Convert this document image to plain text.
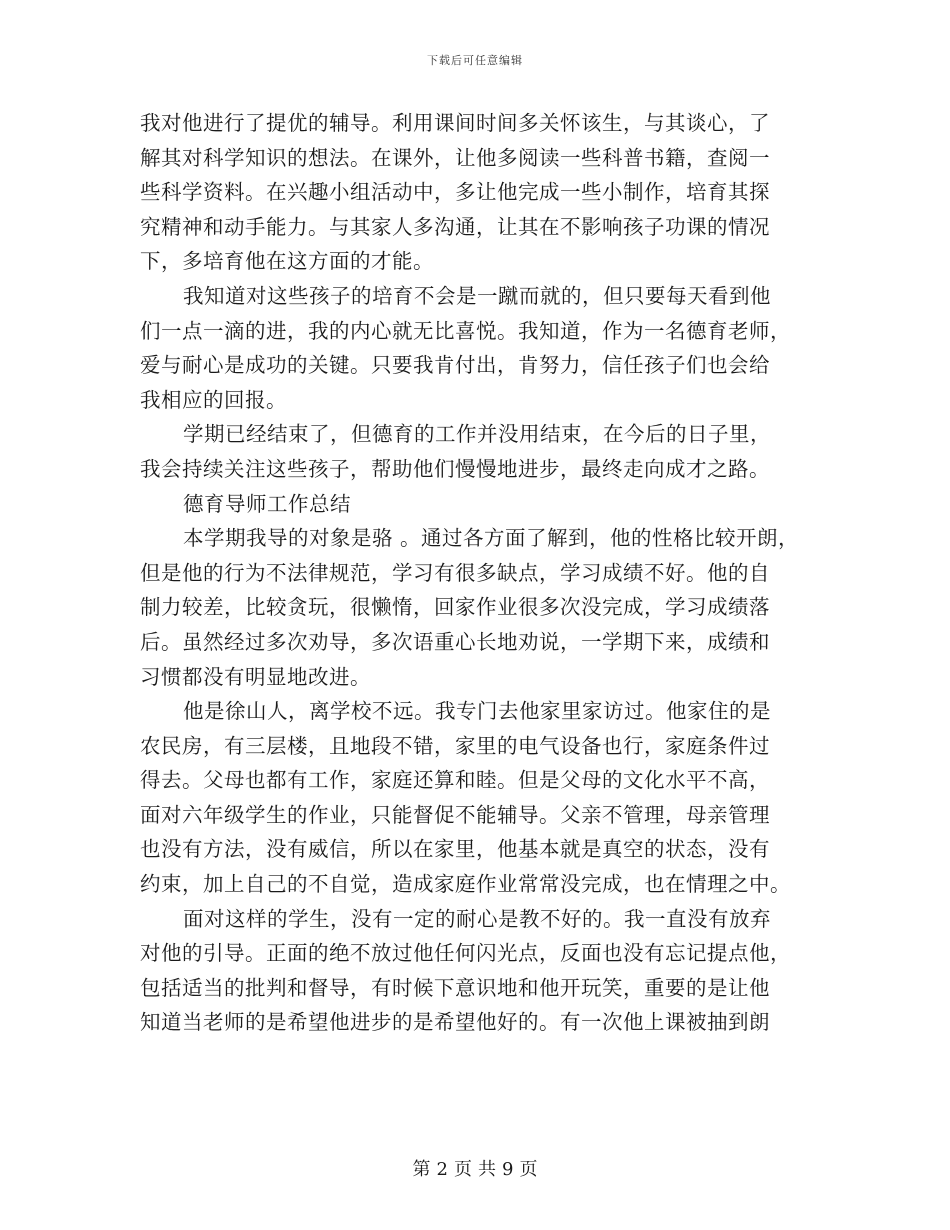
下载后可任意编辑
我对他进行了提优的辅导。利用课间时间多关怀该生，与其谈心，了
解其对科学知识的想法。在课外，让他多阅读一些科普书籍，查阅一
些科学资料。在兴趣小组活动中，多让他完成一些小制作，培育其探
究精神和动手能力。与其家人多沟通，让其在不影响孩子功课的情况
下，多培育他在这方面的才能。
我知道对这些孩子的培育不会是一蹴而就的，但只要每天看到他
们一点一滴的进，我的内心就无比喜悦。我知道，作为一名德育老师，
爱与耐心是成功的关键。只要我肯付出，肯努力，信任孩子们也会给
我相应的回报。
学期已经结束了，但德育的工作并没用结束，在今后的日子里，
我会持续关注这些孩子，帮助他们慢慢地进步，最终走向成才之路。
德育导师工作总结
本学期我导的对象是骆 。通过各方面了解到，他的性格比较开朗，
但是他的行为不法律规范，学习有很多缺点，学习成绩不好。他的自
制力较差，比较贪玩，很懒惰，回家作业很多次没完成，学习成绩落
后。虽然经过多次劝导，多次语重心长地劝说，一学期下来，成绩和
习惯都没有明显地改进。
他是徐山人，离学校不远。我专门去他家里家访过。他家住的是
农民房，有三层楼，且地段不错，家里的电气设备也行，家庭条件过
得去。父母也都有工作，家庭还算和睦。但是父母的文化水平不高，
面对六年级学生的作业，只能督促不能辅导。父亲不管理，母亲管理
也没有方法，没有威信，所以在家里，他基本就是真空的状态，没有
约束，加上自己的不自觉，造成家庭作业常常没完成，也在情理之中。
面对这样的学生，没有一定的耐心是教不好的。我一直没有放弃
对他的引导。正面的绝不放过他任何闪光点，反面也没有忘记提点他，
包括适当的批判和督导，有时候下意识地和他开玩笑，重要的是让他
知道当老师的是希望他进步的是希望他好的。有一次他上课被抽到朗
第 2 页 共 9 页
